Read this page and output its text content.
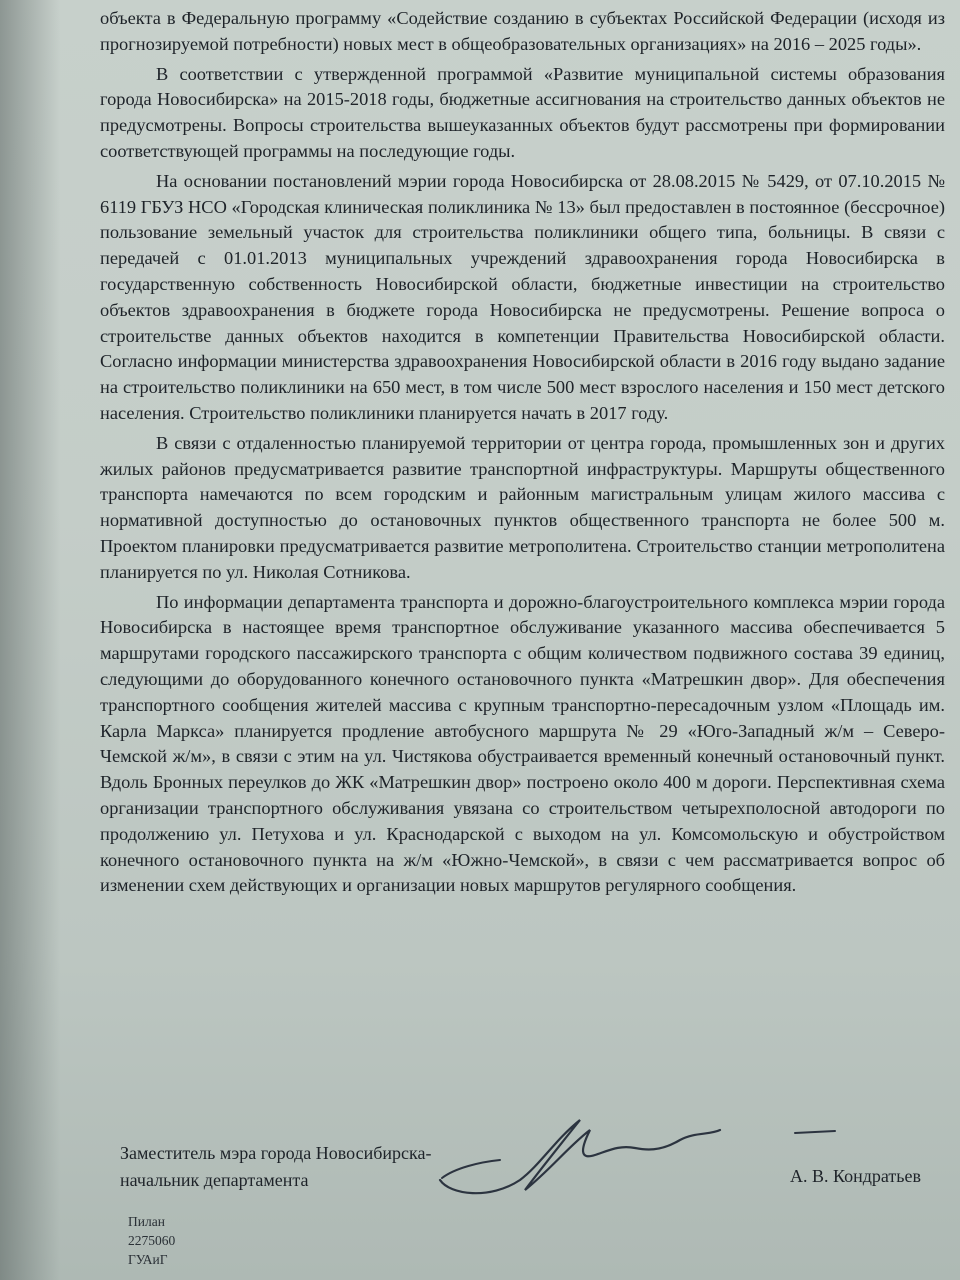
объекта в Федеральную программу «Содействие созданию в субъектах Российской Федерации (исходя из прогнозируемой потребности) новых мест в общеобразовательных организациях» на 2016 – 2025 годы».

В соответствии с утвержденной программой «Развитие муниципальной системы образования города Новосибирска» на 2015-2018 годы, бюджетные ассигнования на строительство данных объектов не предусмотрены. Вопросы строительства вышеуказанных объектов будут рассмотрены при формировании соответствующей программы на последующие годы.

На основании постановлений мэрии города Новосибирска от 28.08.2015 № 5429, от 07.10.2015 № 6119 ГБУЗ НСО «Городская клиническая поликлиника № 13» был предоставлен в постоянное (бессрочное) пользование земельный участок для строительства поликлиники общего типа, больницы. В связи с передачей с 01.01.2013 муниципальных учреждений здравоохранения города Новосибирска в государственную собственность Новосибирской области, бюджетные инвестиции на строительство объектов здравоохранения в бюджете города Новосибирска не предусмотрены. Решение вопроса о строительстве данных объектов находится в компетенции Правительства Новосибирской области. Согласно информации министерства здравоохранения Новосибирской области в 2016 году выдано задание на строительство поликлиники на 650 мест, в том числе 500 мест взрослого населения и 150 мест детского населения. Строительство поликлиники планируется начать в 2017 году.

В связи с отдаленностью планируемой территории от центра города, промышленных зон и других жилых районов предусматривается развитие транспортной инфраструктуры. Маршруты общественного транспорта намечаются по всем городским и районным магистральным улицам жилого массива с нормативной доступностью до остановочных пунктов общественного транспорта не более 500 м. Проектом планировки предусматривается развитие метрополитена. Строительство станции метрополитена планируется по ул. Николая Сотникова.

По информации департамента транспорта и дорожно-благоустроительного комплекса мэрии города Новосибирска в настоящее время транспортное обслуживание указанного массива обеспечивается 5 маршрутами городского пассажирского транспорта с общим количеством подвижного состава 39 единиц, следующими до оборудованного конечного остановочного пункта «Матрешкин двор». Для обеспечения транспортного сообщения жителей массива с крупным транспортно-пересадочным узлом «Площадь им. Карла Маркса» планируется продление автобусного маршрута № 29 «Юго-Западный ж/м – Северо-Чемской ж/м», в связи с этим на ул. Чистякова обустраивается временный конечный остановочный пункт. Вдоль Бронных переулков до ЖК «Матрешкин двор» построено около 400 м дороги. Перспективная схема организации транспортного обслуживания увязана со строительством четырехполосной автодороги по продолжению ул. Петухова и ул. Краснодарской с выходом на ул. Комсомольскую и обустройством конечного остановочного пункта на ж/м «Южно-Чемской», в связи с чем рассматривается вопрос об изменении схем действующих и организации новых маршрутов регулярного сообщения.

Заместитель мэра города Новосибирска-
начальник департамента	А. В. Кондратьев
Пилан
2275060
ГУАиГ
